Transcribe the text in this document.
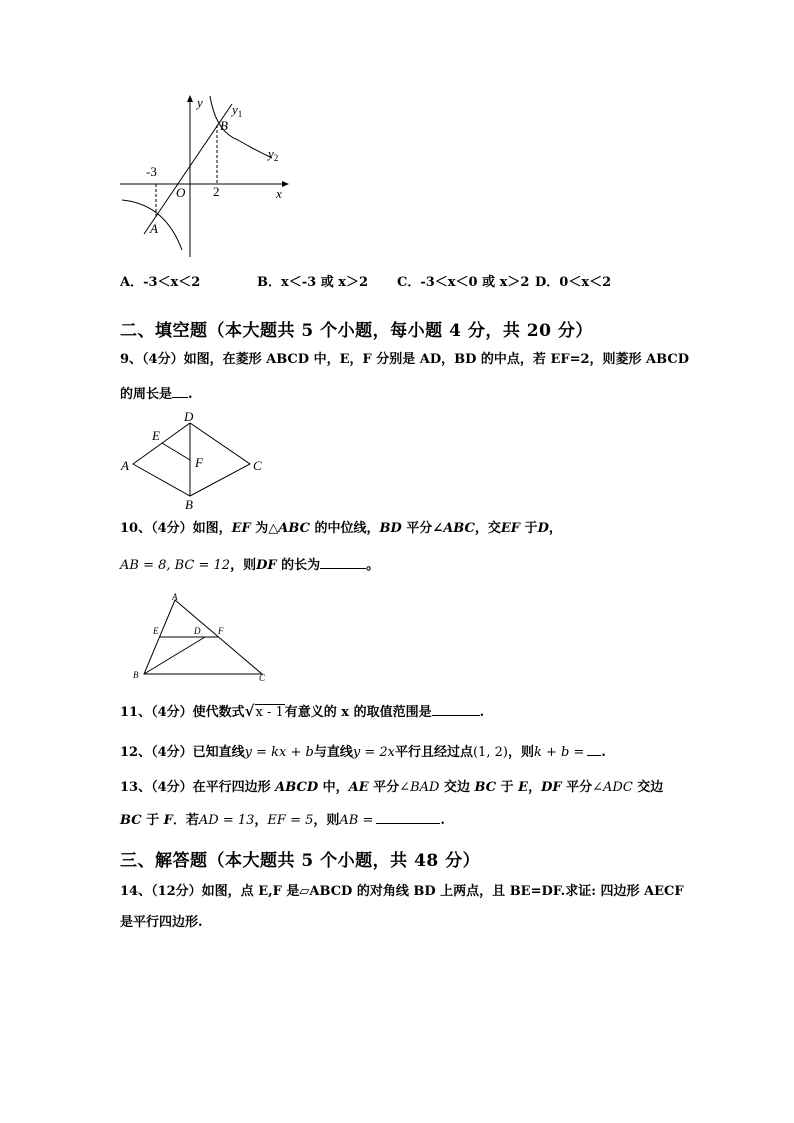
y $y_1$
$y_2$
B
A
O	x
-3
2
A．-3＜x＜2	B．x＜-3 或 x＞2 C．-3＜x＜0 或 x＞2 D．0＜x＜2
二、填空题（本大题共 5 个小题，每小题 4 分，共 20 分）
9、（4分）如图，在菱形 ABCD 中，E，F 分别是 AD，BD 的中点，若 EF=2，则菱形 ABCD
的周长是 .
A
B
C
D
E
F
10、（4分）如图，EF 为△ABC 的中位线，BD 平分∠ABC，交EF 于D，
AB = 8, BC = 12，则DF 的长为	。
A
B	C
D
E	F
11、（4分）使代数式√x - 1有意义的 x 的取值范围是	.
12、（4分）已知直线y = kx + b与直线y = 2x平行且经过点(1, 2)，则k + b = .
13、（4分）在平行四边形 ABCD 中，AE 平分∠BAD 交边 BC 于 E，DF 平分∠ADC 交边
BC 于 F．若AD = 13，EF = 5，则AB =	.
三、解答题（本大题共 5 个小题，共 48 分）
14、（12分）如图，点 E,F 是▱ABCD 的对角线 BD 上两点，且 BE=DF.求证: 四边形 AECF
是平行四边形.
